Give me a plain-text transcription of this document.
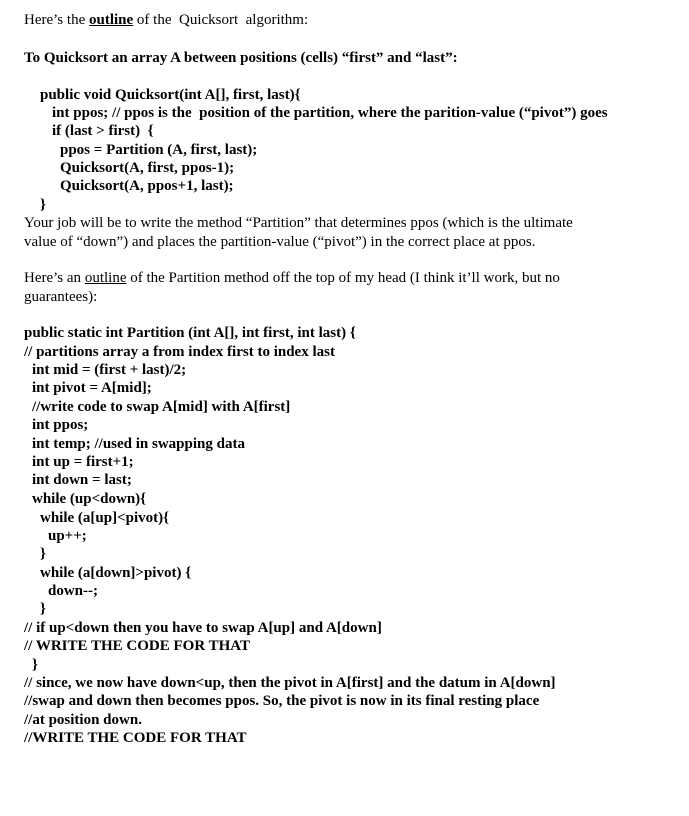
Here’s the outline of the  Quicksort  algorithm:
To Quicksort an array A between positions (cells) “first” and “last”:
public void Quicksort(int A[], first, last){
int ppos; // ppos is the  position of the partition, where the parition-value (“pivot”) goes
if (last > first)  {
ppos = Partition (A, first, last);
Quicksort(A, first, ppos-1);
Quicksort(A, ppos+1, last);
}
Your job will be to write the method “Partition” that determines ppos (which is the ultimate
value of “down”) and places the partition-value (“pivot”) in the correct place at ppos.
Here’s an outline of the Partition method off the top of my head (I think it’ll work, but no
guarantees):
public static int Partition (int A[], int first, int last) {
// partitions array a from index first to index last
int mid = (first + last)/2;
int pivot = A[mid];
//write code to swap A[mid] with A[first]
int ppos;
int temp; //used in swapping data
int up = first+1;
int down = last;
while (up<down){
while (a[up]<pivot){
up++;
}
while (a[down]>pivot) {
down--;
}
// if up<down then you have to swap A[up] and A[down]
// WRITE THE CODE FOR THAT
}
// since, we now have down<up, then the pivot in A[first] and the datum in A[down]
//swap and down then becomes ppos. So, the pivot is now in its final resting place
//at position down.
//WRITE THE CODE FOR THAT
